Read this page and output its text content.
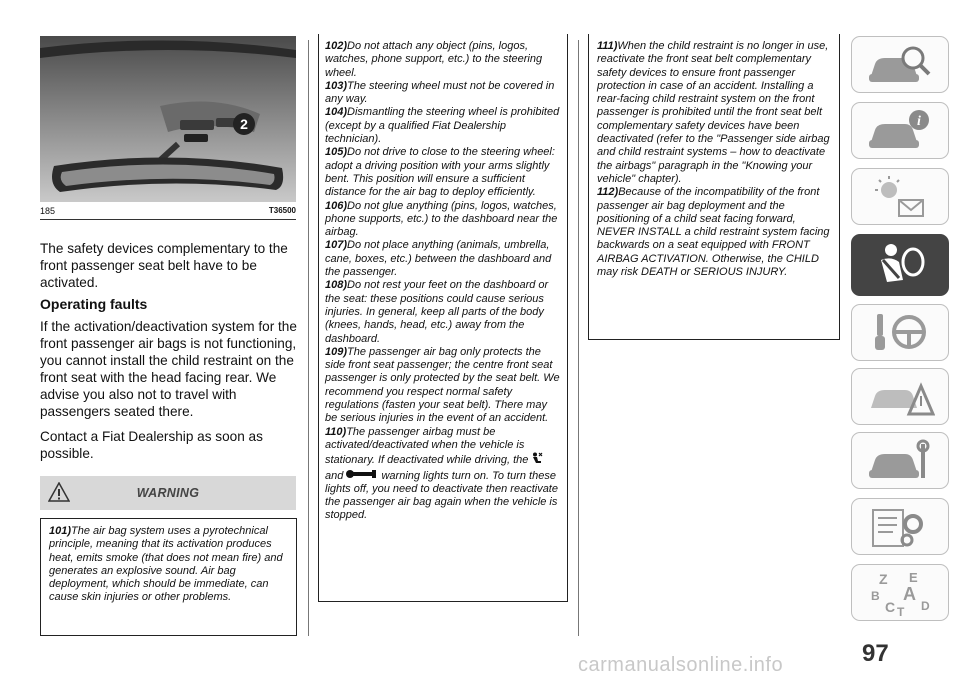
2
185	T36500

The safety devices complementary to the front passenger seat belt have to be activated.

Operating faults

If the activation/deactivation system for the front passenger air bags is not functioning, you cannot install the child restraint on the front seat with the head facing rear. We advise you also not to travel with passengers seated there.

Contact a Fiat Dealership as soon as possible.

WARNING

101)The air bag system uses a pyrotechnical principle, meaning that its activation produces heat, emits smoke (that does not mean fire) and generates an explosive sound. Air bag deployment, which should be immediate, can cause skin injuries or other problems.

102)Do not attach any object (pins, logos, watches, phone support, etc.) to the steering wheel.

103)The steering wheel must not be covered in any way.

104)Dismantling the steering wheel is prohibited (except by a qualified Fiat Dealership technician).

105)Do not drive to close to the steering wheel: adopt a driving position with your arms slightly bent. This position will ensure a sufficient distance for the air bag to deploy efficiently.

106)Do not glue anything (pins, logos, watches, phone supports, etc.) to the dashboard near the airbag.

107)Do not place anything (animals, umbrella, cane, boxes, etc.) between the dashboard and the passenger.

108)Do not rest your feet on the dashboard or the seat: these positions could cause serious injuries. In general, keep all parts of the body (knees, hands, head, etc.) away from the dashboard.

109)The passenger air bag only protects the side front seat passenger; the centre front seat passenger is only protected by the seat belt. We recommend you respect normal safety regulations (fasten your seat belt). There may be serious injuries in the event of an accident.

110)The passenger airbag must be activated/deactivated when the vehicle is stationary. If deactivated while driving, the  and	warning lights turn on. To turn these lights off, you need to deactivate then reactivate the passenger air bag again when the vehicle is stopped.

111)When the child restraint is no longer in use, reactivate the front seat belt complementary safety devices to ensure front passenger protection in case of an accident. Installing a rear-facing child restraint system on the front passenger is prohibited until the front seat belt complementary safety devices have been deactivated (refer to the "Passenger side airbag and child restraint systems – how to deactivate the airbags" paragraph in the "Knowing your vehicle" chapter).

112)Because of the incompatibility of the front passenger air bag deployment and the positioning of a child seat facing forward, NEVER INSTALL a child restraint system facing backwards on a seat equipped with FRONT AIRBAG ACTIVATION. Otherwise, the CHILD may risk DEATH or SERIOUS INJURY.

i
Z E
A
B
C D
T
97
carmanualsonline.info
